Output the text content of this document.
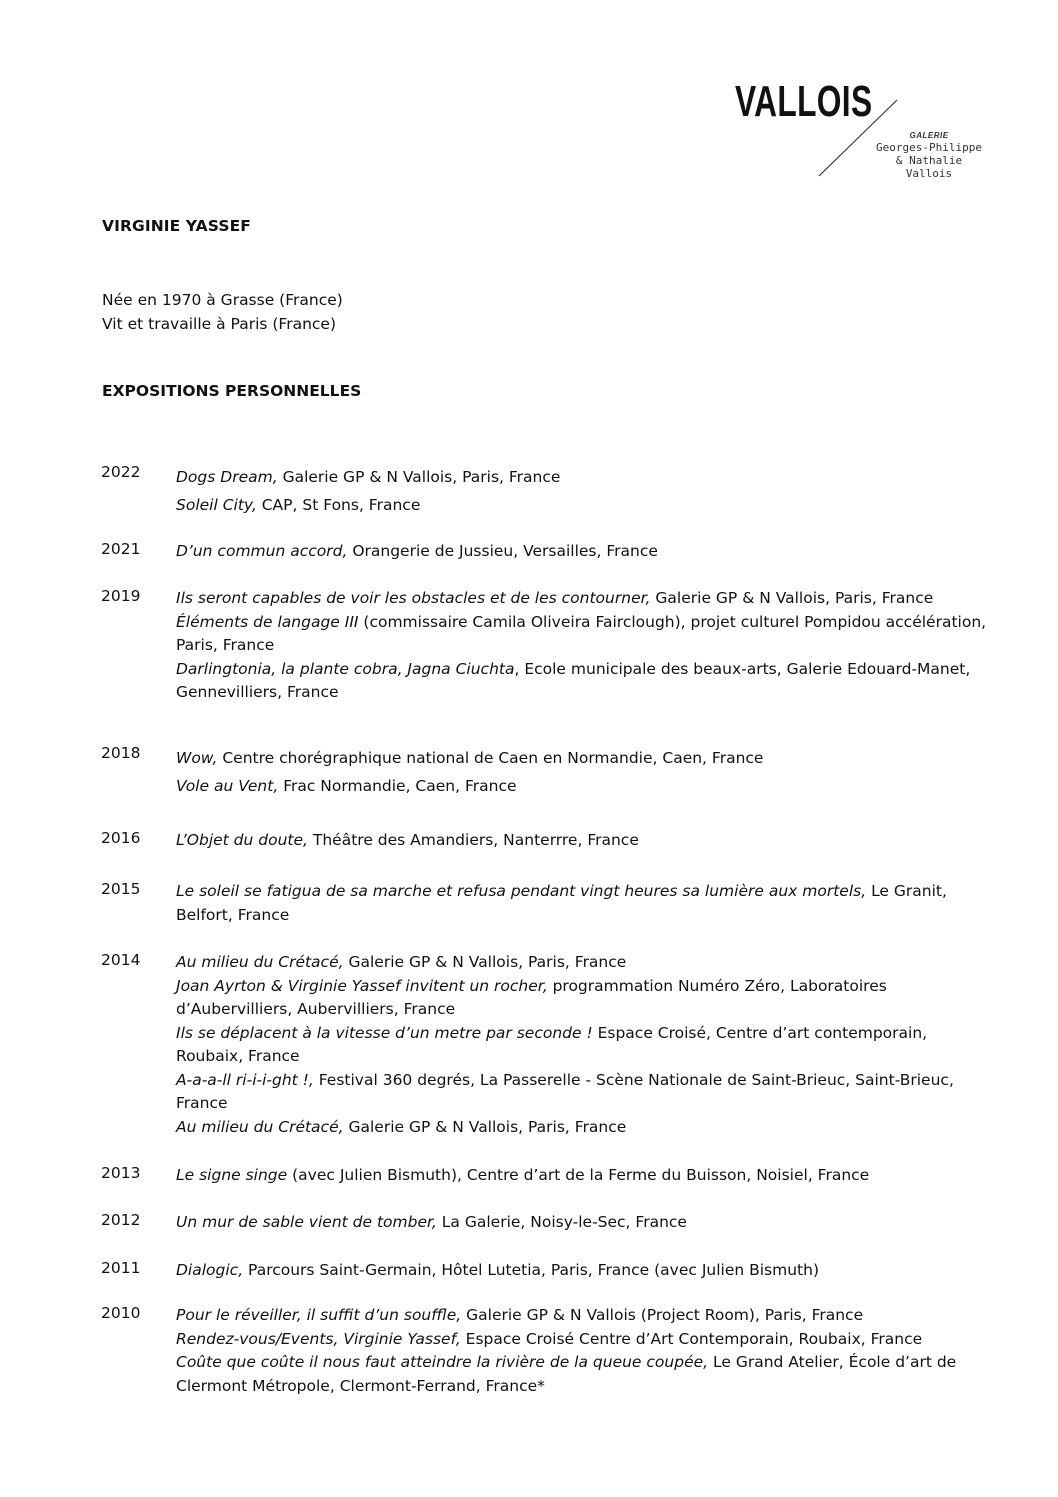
VALLOIS
GALERIE
Georges-Philippe
& Nathalie
Vallois
VIRGINIE YASSEF
Née en 1970 à Grasse (France)
Vit et travaille à Paris (France)
EXPOSITIONS PERSONNELLES
2022 Dogs Dream, Galerie GP & N Vallois, Paris, France
Soleil City, CAP, St Fons, France
2021 D’un commun accord, Orangerie de Jussieu, Versailles, France
2019 Ils seront capables de voir les obstacles et de les contourner, Galerie GP & N Vallois, Paris, France
Éléments de langage III (commissaire Camila Oliveira Fairclough), projet culturel Pompidou accélération, Paris, France
Darlingtonia, la plante cobra, Jagna Ciuchta, Ecole municipale des beaux-arts, Galerie Edouard-Manet, Gennevilliers, France
2018 Wow, Centre chorégraphique national de Caen en Normandie, Caen, France
Vole au Vent, Frac Normandie, Caen, France
2016 L’Objet du doute, Théâtre des Amandiers, Nanterrre, France
2015 Le soleil se fatigua de sa marche et refusa pendant vingt heures sa lumière aux mortels, Le Granit, Belfort, France
2014 Au milieu du Crétacé, Galerie GP & N Vallois, Paris, France
Joan Ayrton & Virginie Yassef invitent un rocher, programmation Numéro Zéro, Laboratoires d’Aubervilliers, Aubervilliers, France
Ils se déplacent à la vitesse d’un metre par seconde ! Espace Croisé, Centre d’art contemporain, Roubaix, France
A-a-a-ll ri-i-i-ght !, Festival 360 degrés, La Passerelle - Scène Nationale de Saint-Brieuc, Saint-Brieuc, France
Au milieu du Crétacé, Galerie GP & N Vallois, Paris, France
2013 Le signe singe (avec Julien Bismuth), Centre d’art de la Ferme du Buisson, Noisiel, France
2012 Un mur de sable vient de tomber, La Galerie, Noisy-le-Sec, France
2011 Dialogic, Parcours Saint-Germain, Hôtel Lutetia, Paris, France (avec Julien Bismuth)
2010 Pour le réveiller, il suffit d’un souffle, Galerie GP & N Vallois (Project Room), Paris, France
Rendez-vous/Events, Virginie Yassef, Espace Croisé Centre d’Art Contemporain, Roubaix, France
Coûte que coûte il nous faut atteindre la rivière de la queue coupée, Le Grand Atelier, École d’art de Clermont Métropole, Clermont-Ferrand, France*
